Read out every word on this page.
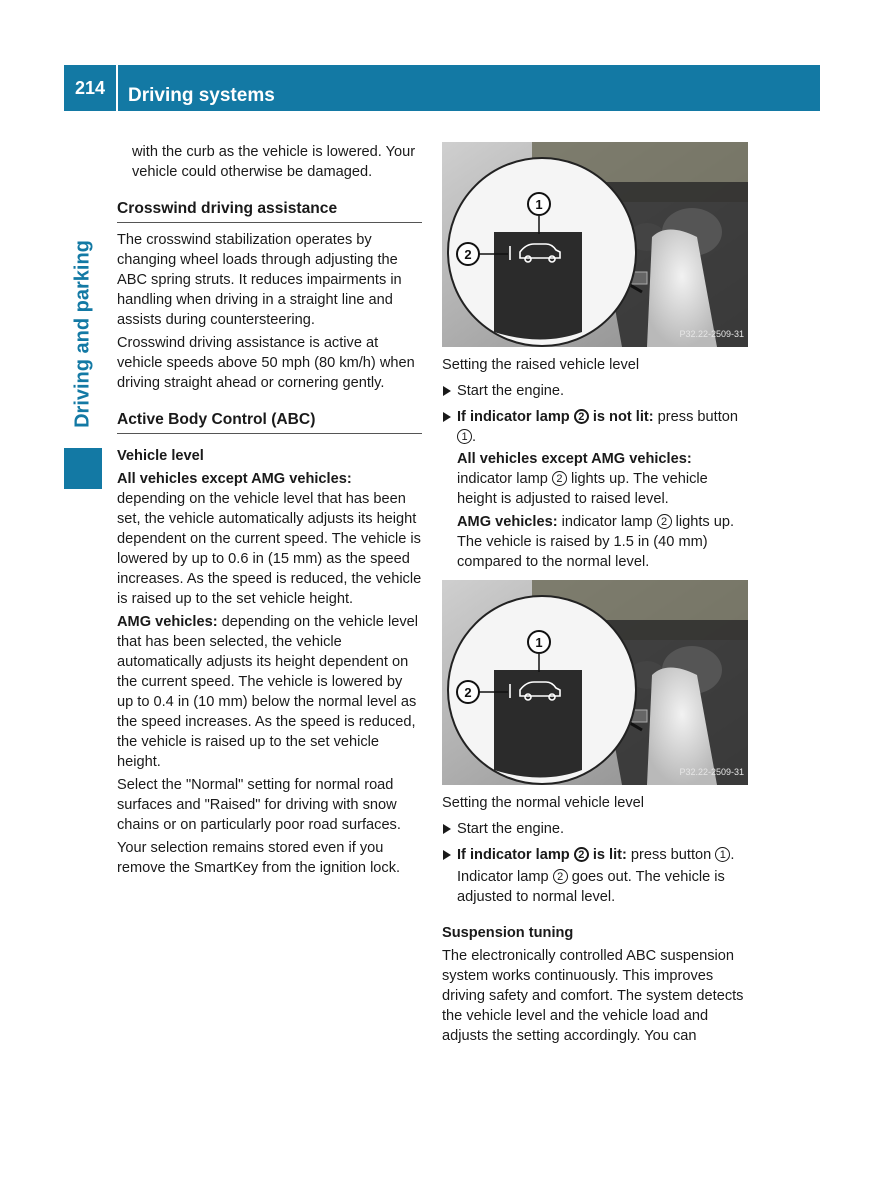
214	Driving systems
Driving and parking

with the curb as the vehicle is lowered. Your vehicle could otherwise be damaged.

Crosswind driving assistance

The crosswind stabilization operates by changing wheel loads through adjusting the ABC spring struts. It reduces impairments in handling when driving in a straight line and assists during countersteering.

Crosswind driving assistance is active at vehicle speeds above 50 mph (80 km/h) when driving straight ahead or cornering gently.

Active Body Control (ABC)
Vehicle level

All vehicles except AMG vehicles:
depending on the vehicle level that has been set, the vehicle automatically adjusts its height dependent on the current speed. The vehicle is lowered by up to 0.6 in (15 mm) as the speed increases. As the speed is reduced, the vehicle is raised up to the set vehicle height.

AMG vehicles: depending on the vehicle level that has been selected, the vehicle automatically adjusts its height dependent on the current speed. The vehicle is lowered by up to 0.4 in (10 mm) below the normal level as the speed increases. As the speed is reduced, the vehicle is raised up to the set vehicle height.

Select the "Normal" setting for normal road surfaces and "Raised" for driving with snow chains or on particularly poor road surfaces.

Your selection remains stored even if you remove the SmartKey from the ignition lock.

1
2
P32.22-2509-31

Setting the raised vehicle level

Start the engine.
If indicator lamp 2 is not lit: press button 1 .

All vehicles except AMG vehicles:
indicator lamp 2 lights up. The vehicle height is adjusted to raised level.

AMG vehicles: indicator lamp 2 lights up. The vehicle is raised by 1.5 in (40 mm) compared to the normal level.

1
2
P32.22-2509-31

Setting the normal vehicle level

Start the engine.
If indicator lamp 2 is lit: press button 1 .

Indicator lamp 2 goes out. The vehicle is adjusted to normal level.

Suspension tuning

The electronically controlled ABC suspension system works continuously. This improves driving safety and comfort. The system detects the vehicle level and the vehicle load and adjusts the setting accordingly. You can
